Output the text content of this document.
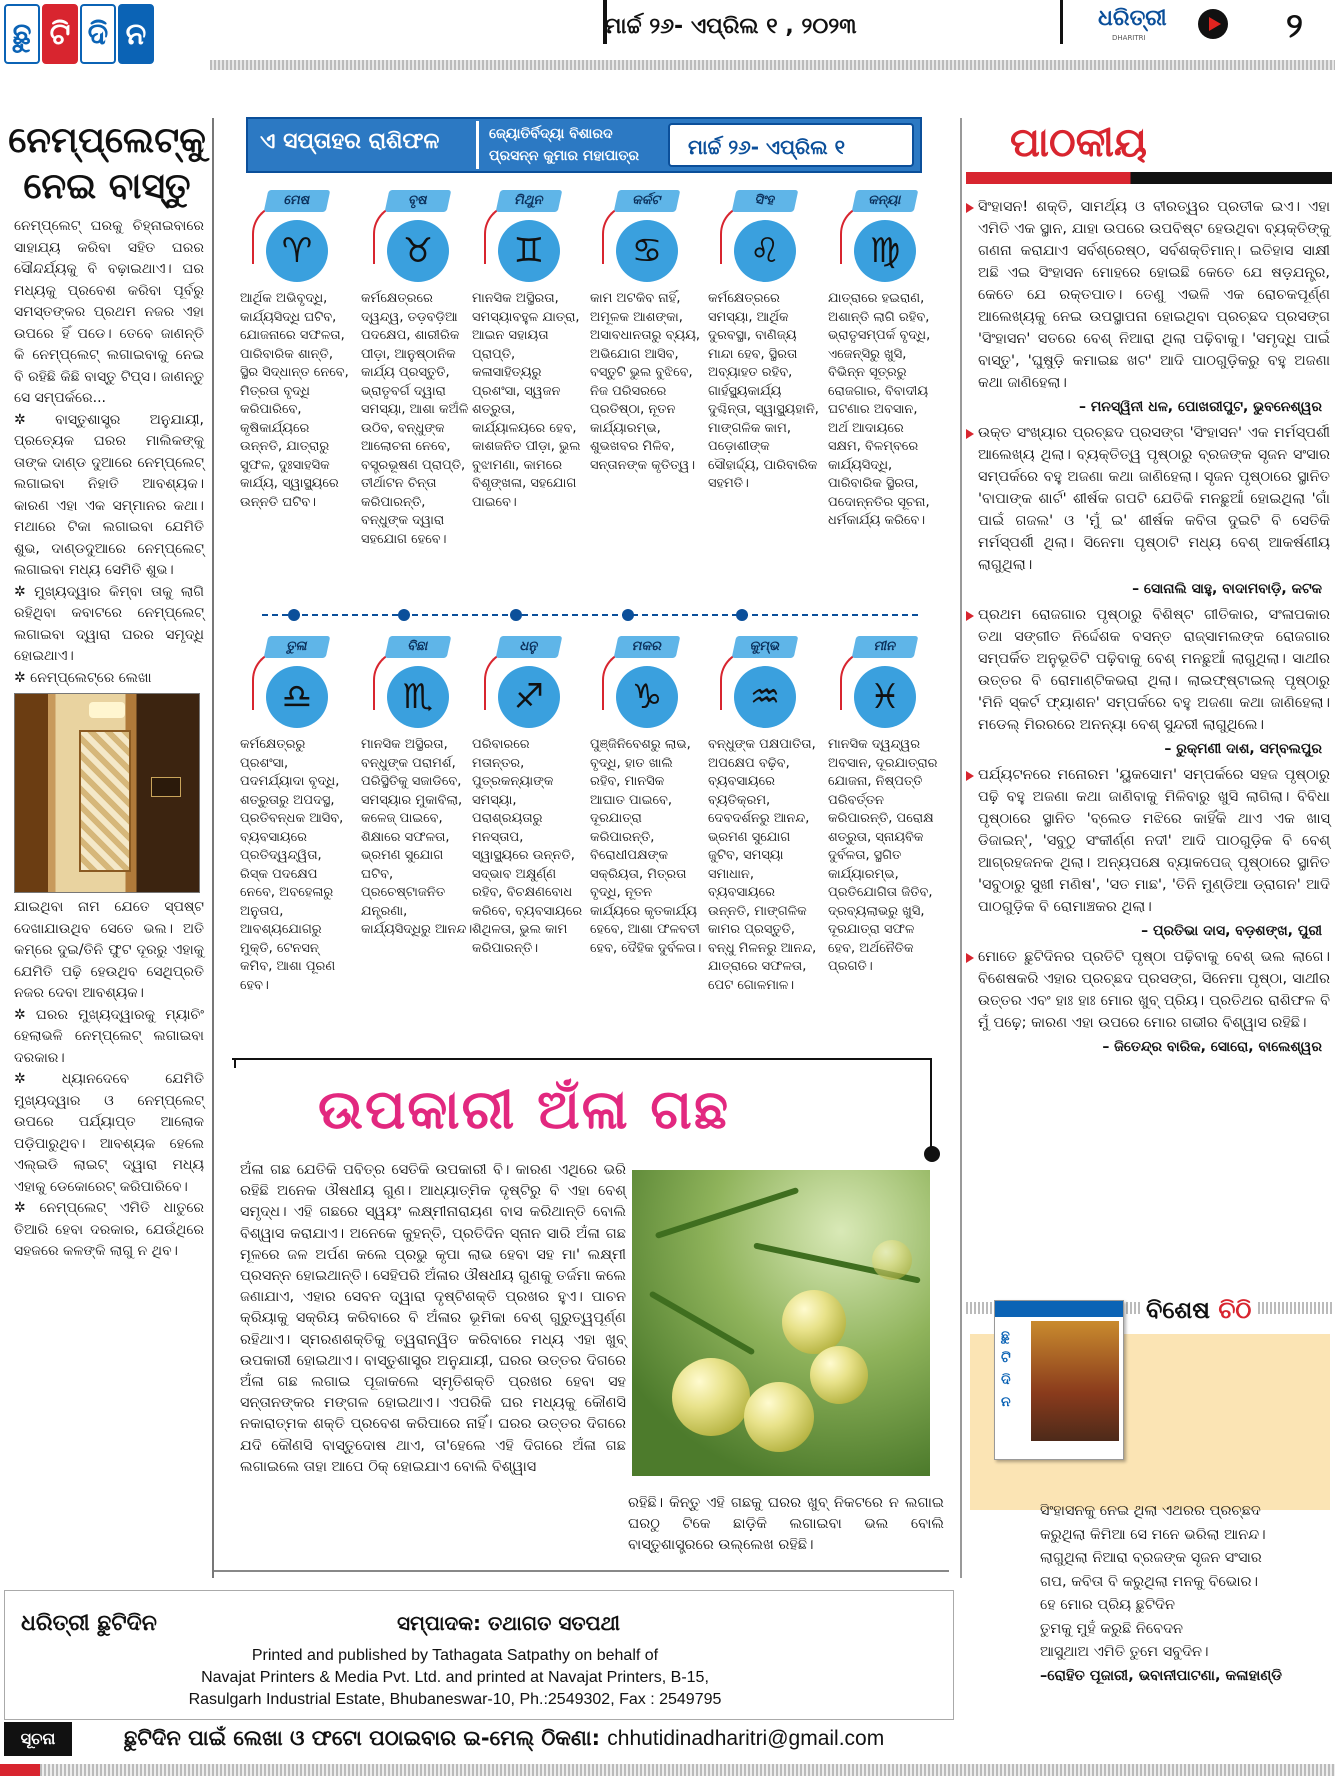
ଛୁ ଟି ଦି ନ	ମାର୍ଚ୍ଚ ୨୬- ଏପ୍ରିଲ ୧ , ୨୦୨୩	ଧରିତ୍ରୀ
DHARITRI	୨
ନେମ୍‌ପ୍ଲେଟ୍‌କୁ
ନେଇ ବାସ୍ତୁ
ନେମ୍‌ପ୍ଲେଟ୍ ଘରକୁ ଚିହ୍ନାଇବାରେ ସାହାଯ୍ୟ କରିବା ସହିତ ଘରର ସୌନ୍ଦର୍ଯ୍ୟକୁ ବି ବଢ଼ାଇଥାଏ। ଘର ମଧ୍ୟକୁ ପ୍ରବେଶ କରିବା ପୂର୍ବରୁ ସମସ୍ତଙ୍କର ପ୍ରଥମ ନଜର ଏହା ଉପରେ ହିଁ ପଡେ। ତେବେ ଜାଣନ୍ତି କି ନେମ୍‌ପ୍ଲେଟ୍ ଲଗାଇବାକୁ ନେଇ ବି ରହିଛି କିଛି ବାସ୍ତୁ ଟିପ୍ସ। ଜାଣନ୍ତୁ ସେ ସମ୍ପର୍କରେ...
✲ ବାସ୍ତୁଶାସ୍ତ୍ର ଅନୁଯାୟୀ, ପ୍ରତ୍ୟେକ ଘରର ମାଲିକଙ୍କୁ ତାଙ୍କ ଦାଣ୍ଡ ଦୁଆରେ ନେମ୍‌ପ୍ଲେଟ୍ ଲଗାଇବା ନିହାତି ଆବଶ୍ୟକ। କାରଣ ଏହା ଏକ ସମ୍ମାନର କଥା। ମଥାରେ ଟିକା ଲଗାଇବା ଯେମିତି ଶୁଭ, ଦାଣ୍ଡଦୁଆରେ ନେମ୍‌ପ୍ଲେଟ୍ ଲଗାଇବା ମଧ୍ୟ ସେମିତି ଶୁଭ।
✲ ମୁଖ୍ୟଦ୍ୱାର କିମ୍ବା ତାକୁ ଲାଗି ରହିଥିବା କବାଟରେ ନେମ୍‌ପ୍ଲେଟ୍ ଲଗାଇବା ଦ୍ୱାରା ଘରର ସମୃଦ୍ଧି ହୋଇଥାଏ।
✲ ନେମ୍‌ପ୍ଲେଟ୍‌ରେ ଲେଖା
ଯାଇଥିବା ନାମ ଯେତେ ସ୍ପଷ୍ଟ ଦେଖାଯାଉଥିବ ସେତେ ଭଲ। ଅତି କମ୍‌ରେ ଦୁଇ/ତିନି ଫୁଟ ଦୂରରୁ ଏହାକୁ ଯେମିତି ପଢ଼ି ହେଉଥିବ ସେଥିପ୍ରତି ନଜର ଦେବା ଆବଶ୍ୟକ।
✲ ଘରର ମୁଖ୍ୟଦ୍ୱାରକୁ ମ୍ୟାଚିଂ ହେଲାଭଳି ନେମ୍‌ପ୍ଲେଟ୍ ଲଗାଇବା ଦରକାର।
✲ ଧ୍ୟାନଦେବେ ଯେମିତି ମୁଖ୍ୟଦ୍ୱାର ଓ ନେମ୍‌ପ୍ଲେଟ୍ ଉପରେ ପର୍ଯ୍ୟାପ୍ତ ଆଲୋକ ପଡ଼ିପାରୁଥିବ। ଆବଶ୍ୟକ ହେଲେ ଏଲ୍‌ଇଡି ଲାଇଟ୍ ଦ୍ୱାରା ମଧ୍ୟ ଏହାକୁ ଡେକୋରେଟ୍ କରିପାରିବେ।
✲ ନେମ୍‌ପ୍ଲେଟ୍ ଏମିତି ଧାତୁରେ ତିଆରି ହେବା ଦରକାର, ଯେଉଁଥିରେ ସହଜରେ କଳଙ୍କି ଲାଗୁ ନ ଥିବ।
ଏ ସପ୍ତାହର ରାଶିଫଳ	ଜ୍ୟୋତିର୍ବିଦ୍ୟା ବିଶାରଦ
ପ୍ରସନ୍ନ କୁମାର ମହାପାତ୍ର ମାର୍ଚ୍ଚ ୨୬- ଏପ୍ରିଲ ୧
ମେଷ
♈
ଆର୍ଥିକ ଅଭିବୃଦ୍ଧି, କାର୍ଯ୍ୟସିଦ୍ଧି ଘଟିବ, ଯୋଜନାରେ ସଫଳତା, ପାରିବାରିକ ଶାନ୍ତି, ସ୍ଥିର ସିଦ୍ଧାନ୍ତ ନେବେ, ମିତ୍ରତା ବୃଦ୍ଧି କରିପାରିବେ, କୃଷିକାର୍ଯ୍ୟରେ ଉନ୍ନତି, ଯାତ୍ରାରୁ ସୁଫଳ, ଦୁଃସାହସିକ କାର୍ଯ୍ୟ, ସ୍ୱାସ୍ଥ୍ୟରେ ଉନ୍ନତି ଘଟିବ।
ବୃଷ
♉
କର୍ମକ୍ଷେତ୍ରରେ ଦ୍ୱନ୍ଦ୍ୱ, ତଡ଼ବଡ଼ିଆ ପଦକ୍ଷେପ, ଶାରୀରିକ ପୀଡ଼ା, ଆନୁଷ୍ଠାନିକ କାର୍ଯ୍ୟ ପ୍ରସ୍ତୁତି, ଭ୍ରାତୃବର୍ଗ ଦ୍ୱାରା ସମସ୍ୟା, ଆଶା କଅଁଳି ଉଠିବ, ବନ୍ଧୁଙ୍କ ଆଲୋଚନା ନେବେ, ବସ୍ତ୍ରଭୂଷଣ ପ୍ରାପ୍ତି, ତୀର୍ଥାଟନ ଚିନ୍ତା କରିପାରନ୍ତି, ବନ୍ଧୁଙ୍କ ଦ୍ୱାରା ସହଯୋଗ ହେବେ।
ମିଥୁନ
♊
ମାନସିକ ଅସ୍ଥିରତା, ସମସ୍ୟାବହୁଳ ଯାତ୍ରା, ଆଇନ ସହାୟତା ପ୍ରାପ୍ତି, କଳାସାହିତ୍ୟରୁ ପ୍ରଶଂସା, ସ୍ୱଜନ ଶତ୍ରୁତା, କାର୍ଯ୍ୟାଳୟରେ ହେବ, କାଶଜନିତ ପୀଡ଼ା, ଭୁଲ ବୁଝାମଣା, କାମରେ ବିଶୃଙ୍ଖଳା, ସହଯୋଗ ପାଇବେ।
କର୍କଟ
♋
କାମ ଅଟକିବ ନାହିଁ, ଅମୂଳକ ଆଶଙ୍କା, ଅସାବଧାନତାରୁ ବ୍ୟୟ, ଅଭିଯୋଗ ଆସିବ, ବସ୍ତୁଟି ଭୁଲ ବୁଝିବେ, ନିଜ ପରିସରରେ ପ୍ରତିଷ୍ଠା, ନୂତନ କାର୍ଯ୍ୟାରମ୍ଭ, ଶୁଭଖବର ମିଳିବ, ସନ୍ତାନଙ୍କ କୃତିତ୍ୱ।
ସିଂହ
♌
କର୍ମକ୍ଷେତ୍ରରେ ସମସ୍ୟା, ଆର୍ଥିକ ଦୁରବସ୍ଥା, ବାଣିଜ୍ୟ ମାନ୍ଦା ହେବ, ସ୍ଥିରତା ଅବ୍ୟାହତ ରହିବ, ଗାର୍ହସ୍ଥ୍ୟକାର୍ଯ୍ୟ ଦୁଶ୍ଚିନ୍ତା, ସ୍ୱାସ୍ଥ୍ୟହାନି, ମାଙ୍ଗଳିକ କାମ, ପଡ଼ୋଶୀଙ୍କ ସୌହାର୍ଦ୍ଦ୍ୟ, ପାରିବାରିକ ସହମତି।
କନ୍ୟା
♍
ଯାତ୍ରାରେ ହଇରାଣ, ଅଶାନ୍ତି ଲାଗି ରହିବ, ଭ୍ରାତୃସମ୍ପର୍କ ବୃଦ୍ଧି, ଏଜେନ୍ସିରୁ ଖୁସି, ବିଭିନ୍ନ ସୂତ୍ରରୁ ରୋଜଗାର, ବିବାଦୀୟ ଘଟଣାର ଅବସାନ, ଅର୍ଥ ଆଦାୟରେ ସକ୍ଷମ, ବିଳମ୍ବରେ କାର୍ଯ୍ୟସିଦ୍ଧି, ପାରିବାରିକ ସ୍ଥିରତା, ପଦୋନ୍ନତିର ସୂଚନା, ଧର୍ମକାର୍ଯ୍ୟ କରିବେ।
ତୁଳା
♎
କର୍ମକ୍ଷେତ୍ରରୁ ପ୍ରଶଂସା, ପଦମର୍ଯ୍ୟାଦା ବୃଦ୍ଧି, ଶତ୍ରୁତାରୁ ଅପଦସ୍ଥ, ପ୍ରତିବନ୍ଧକ ଆସିବ, ବ୍ୟବସାୟରେ ପ୍ରତିଦ୍ୱନ୍ଦ୍ୱିତା, ରିସ୍କ ପଦକ୍ଷେପ ନେବେ, ଅବହେଳାରୁ ଅନୁତାପ, ଆବଶ୍ୟଯୋଗରୁ ମୁକ୍ତି, ଟେନସନ୍ କମିବ, ଆଶା ପୂରଣ ହେବ।
ବିଛା
♏
ମାନସିକ ଅସ୍ଥିରତା, ବନ୍ଧୁଙ୍କ ପରାମର୍ଶ, ପରିସ୍ଥିତିକୁ ସଜାଡିବେ, ସମସ୍ୟାର ମୁକାବିଲା, କଳେଜ୍ ପାଇବେ, ଶିକ୍ଷାରେ ସଫଳତା, ଭ୍ରମଣ ସୁଯୋଗ ଘଟିବ, ପ୍ରଚେଷ୍ଟାଜନିତ ଯନ୍ତ୍ରଣା, କାର୍ଯ୍ୟସିଦ୍ଧିରୁ ଆନନ୍ଦ।
ଧନୁ
♐
ପରିବାରରେ ମତାନ୍ତର, ପୁତ୍ରକନ୍ୟାଙ୍କ ସମସ୍ୟା, ପରାଶ୍ରୟତାରୁ ମନସ୍ତାପ, ସ୍ୱାସ୍ଥ୍ୟରେ ଉନ୍ନତି, ସଦ୍ଭାବ ଅକ୍ଷୁର୍ଣ୍ଣ ରହିବ, ବିଚକ୍ଷଣବୋଧ କରିବେ, ବ୍ୟବସାୟରେ ଶିଥିଳତା, ଭୁଲ କାମ କରିପାରନ୍ତି।
ମକର
♑
ପୁଞ୍ଜିନିବେଶରୁ ଲାଭ, ବୃଦ୍ଧି, ହାତ ଖାଲି ରହିବ, ମାନସିକ ଆଘାତ ପାଇବେ, ଦୂରଯାତ୍ରା କରିପାରନ୍ତି, ବିରୋଧୀପକ୍ଷଙ୍କ ସକ୍ରିୟତା, ମିତ୍ରତା ବୃଦ୍ଧି, ନୂତନ କାର୍ଯ୍ୟରେ କୃତକାର୍ଯ୍ୟ ହେବେ, ଆଶା ଫଳବତୀ ହେବ, ଦୈହିକ ଦୁର୍ବଳତା।
କୁମ୍ଭ
♒
ବନ୍ଧୁଙ୍କ ପକ୍ଷପାତିତା, ଅପକ୍ଷେପ ବଢ଼ିବ, ବ୍ୟବସାୟରେ ବ୍ୟତିକ୍ରମ, ଦେବଦର୍ଶନରୁ ଆନନ୍ଦ, ଭ୍ରମଣ ସୁଯୋଗ ଜୁଟିବ, ସମସ୍ୟା ସମାଧାନ, ବ୍ୟବସାୟରେ ଉନ୍ନତି, ମାଙ୍ଗଳିକ କାମର ପ୍ରସ୍ତୁତି, ବନ୍ଧୁ ମିଳନରୁ ଆନନ୍ଦ, ଯାତ୍ରାରେ ସଫଳତା, ପେଟ ଗୋଳମାଳ।
ମୀନ
♓
ମାନସିକ ଦ୍ୱନ୍ଦ୍ୱର ଅବସାନ, ଦୂରଯାତ୍ରାର ଯୋଜନା, ନିଷ୍ପତ୍ତି ପରିବର୍ତ୍ତନ କରିପାରନ୍ତି, ପରୋକ୍ଷ ଶତ୍ରୁତା, ସ୍ନାୟବିକ ଦୁର୍ବଳତା, ସ୍ଥଗିତ କାର୍ଯ୍ୟାରମ୍ଭ, ପ୍ରତିଯୋଗିତା ଜିତିବ, ଦ୍ରବ୍ୟଲାଭରୁ ଖୁସି, ଦୂରଯାତ୍ରା ସଫଳ ହେବ, ଅର୍ଥନୈତିକ ପ୍ରଗତି।
ଉପକାରୀ ଅଁଳା ଗଛ
ଅଁଳା ଗଛ ଯେତିକି ପବିତ୍ର ସେତିକି ଉପକାରୀ ବି। କାରଣ ଏଥିରେ ଭରି ରହିଛି ଅନେକ ଔଷଧୀୟ ଗୁଣ। ଆଧ୍ୟାତ୍ମିକ ଦୃଷ୍ଟିରୁ ବି ଏହା ବେଶ୍ ସମୃଦ୍ଧ। ଏହି ଗଛରେ ସ୍ୱୟଂ ଲକ୍ଷ୍ମୀନାରାୟଣ ବାସ କରିଥାନ୍ତି ବୋଲି ବିଶ୍ୱାସ କରାଯାଏ। ଅନେକେ କୁହନ୍ତି, ପ୍ରତିଦିନ ସ୍ନାନ ସାରି ଅଁଳା ଗଛ ମୂଳରେ ଜଳ ଅର୍ପଣ କଲେ ପ୍ରଭୁ କୃପା ଲାଭ ହେବା ସହ ମା' ଲକ୍ଷ୍ମୀ ପ୍ରସନ୍ନ ହୋଇଥାନ୍ତି। ସେହିପରି ଅଁଳାର ଔଷଧୀୟ ଗୁଣକୁ ତର୍ଜମା କଲେ ଜଣାଯାଏ, ଏହାର ସେବନ ଦ୍ୱାରା ଦୃଷ୍ଟିଶକ୍ତି ପ୍ରଖର ହୁଏ। ପାଚନ କ୍ରିୟାକୁ ସକ୍ରିୟ କରିବାରେ ବି ଅଁଳାର ଭୂମିକା ବେଶ୍ ଗୁରୁତ୍ୱପୂର୍ଣ୍ଣ ରହିଥାଏ। ସ୍ମରଣଶକ୍ତିକୁ ତ୍ୱରାନ୍ୱିତ କରିବାରେ ମଧ୍ୟ ଏହା ଖୁବ୍ ଉପକାରୀ ହୋଇଥାଏ। ବାସ୍ତୁଶାସ୍ତ୍ର ଅନୁଯାୟୀ, ଘରର ଉତ୍ତର ଦିଗରେ ଅଁଳା ଗଛ ଲଗାଇ ପୂଜାକଲେ ସ୍ମୃତିଶକ୍ତି ପ୍ରଖର ହେବା ସହ ସନ୍ତାନଙ୍କର ମଙ୍ଗଳ ହୋଇଥାଏ। ଏପରିକି ଘର ମଧ୍ୟକୁ କୌଣସି ନକାରାତ୍ମକ ଶକ୍ତି ପ୍ରବେଶ କରିପାରେ ନାହିଁ। ଘରର ଉତ୍ତର ଦିଗରେ ଯଦି କୌଣସି ବାସ୍ତୁଦୋଷ ଥାଏ, ତା'ହେଲେ ଏହି ଦିଗରେ ଅଁଳା ଗଛ ଲଗାଇଲେ ତାହା ଆପେ ଠିକ୍ ହୋଇଯାଏ ବୋଲି ବିଶ୍ୱାସ
ରହିଛି। କିନ୍ତୁ ଏହି ଗଛକୁ ଘରର ଖୁବ୍ ନିକଟରେ ନ ଲଗାଇ ଘରଠୁ ଟିକେ ଛାଡ଼ିକି ଲଗାଇବା ଭଲ ବୋଲି ବାସ୍ତୁଶାସ୍ତ୍ରରେ ଉଲ୍ଲେଖ ରହିଛି।
ପାଠକୀୟ
ସିଂହାସନ! ଶକ୍ତି, ସାମର୍ଥ୍ୟ ଓ ବୀରତ୍ୱର ପ୍ରତୀକ ଇଏ। ଏହା ଏମିତି ଏକ ସ୍ଥାନ, ଯାହା ଉପରେ ଉପବିଷ୍ଟ ହେଉଥିବା ବ୍ୟକ୍ତିଙ୍କୁ ଗଣନା କରାଯାଏ ସର୍ବଶ୍ରେଷ୍ଠ, ସର୍ବଶକ୍ତିମାନ୍। ଇତିହାସ ସାକ୍ଷୀ ଅଛି ଏଇ ସିଂହାସନ ମୋହରେ ହୋଇଛି କେତେ ଯେ ଷଡ଼ଯନ୍ତ୍ର, କେତେ ଯେ ରକ୍ତପାତ। ତେଣୁ ଏଭଳି ଏକ ରୋଚକପୂର୍ଣ୍ଣ ଆଲେଖ୍ୟକୁ ନେଇ ଉପସ୍ଥାପନା ହୋଇଥିବା ପ୍ରଚ୍ଛଦ ପ୍ରସଙ୍ଗ 'ସିଂହାସନ' ସତରେ ବେଶ୍ ନିଆରା ଥିଲା ପଢ଼ିବାକୁ। 'ସମୃଦ୍ଧି ପାଇଁ ବାସ୍ତୁ', 'ଘୁଷୁଡ଼ି କମାଇଛ ଖଟ' ଆଦି ପାଠଗୁଡ଼ିକରୁ ବହୁ ଅଜଣା କଥା ଜାଣିହେଲା।
– ମନସ୍ୱିନୀ ଧଳ, ପୋଖରୀପୁଟ, ଭୁବନେଶ୍ୱର
ଉକ୍ତ ସଂଖ୍ୟାର ପ୍ରଚ୍ଛଦ ପ୍ରସଙ୍ଗ 'ସିଂହାସନ' ଏକ ମର୍ମସ୍ପର୍ଶୀ ଆଲେଖ୍ୟ ଥିଲା। ବ୍ୟକ୍ତିତ୍ୱ ପୃଷ୍ଠାରୁ ବ୍ରଜଙ୍କ ସୃଜନ ସଂସାର ସମ୍ପର୍କରେ ବହୁ ଅଜଣା କଥା ଜାଣିହେଲା। ସୃଜନ ପୃଷ୍ଠାରେ ସ୍ଥାନିତ 'ବାପାଙ୍କ ଶାର୍ଟ' ଶୀର୍ଷକ ଗପଟି ଯେତିକି ମନଛୁଆଁ ହୋଇଥିଲା 'ଗାଁ ପାଇଁ ଗଜଲ' ଓ 'ମୁଁ ଇ' ଶୀର୍ଷକ କବିତା ଦୁଇଟି ବି ସେତିକି ମର୍ମସ୍ପର୍ଶୀ ଥିଲା। ସିନେମା ପୃଷ୍ଠାଟି ମଧ୍ୟ ବେଶ୍ ଆକର୍ଷଣୀୟ ଲାଗୁଥିଲା।
– ସୋନାଲି ସାହୁ, ବାଦାମବାଡ଼ି, କଟକ
ପ୍ରଥମ ରୋଜଗାର ପୃଷ୍ଠାରୁ ବିଶିଷ୍ଟ ଗୀତିକାର, ସଂଳାପକାର ତଥା ସଙ୍ଗୀତ ନିର୍ଦ୍ଦେଶକ ବସନ୍ତ ରାଜ୍‌ସାମଲଙ୍କ ରୋଜଗାର ସମ୍ପର୍କିତ ଅନୁଭୂତିଟି ପଢ଼ିବାକୁ ବେଶ୍ ମନଛୁଆଁ ଲାଗୁଥିଲା। ସାଥୀର ଉତ୍ତର ବି ରୋମାଣ୍ଟିକଭରା ଥିଲା। ଲାଇଫ୍‌ଷ୍ଟାଇଲ୍ ପୃଷ୍ଠାରୁ 'ମିନି ସ୍କର୍ଟ ଫ୍ୟାଶନ' ସମ୍ପର୍କରେ ବହୁ ଅଜଣା କଥା ଜାଣିହେଲା। ମଡେଲ୍ ମିରରରେ ଅନନ୍ୟା ବେଶ୍ ସୁନ୍ଦରୀ ଲାଗୁଥିଲେ।
– ରୁକ୍ମଣୀ ଦାଶ, ସମ୍ବଲପୁର
ପର୍ଯ୍ୟଟନରେ ମନୋରମ 'ୟୁକସୋମ' ସମ୍ପର୍କରେ ସହଜ ପୃଷ୍ଠାରୁ ପଢ଼ି ବହୁ ଅଜଣା କଥା ଜାଣିବାକୁ ମିଳିବାରୁ ଖୁସି ଲାଗିଲା। ବିବିଧା ପୃଷ୍ଠାରେ ସ୍ଥାନିତ 'ବ୍ଲେଡ ମଝିରେ କାହିଁକି ଥାଏ ଏକ ଖାସ୍ ଡିଜାଇନ୍', 'ସବୁଠୁ ସଂକୀର୍ଣ୍ଣ ନଦୀ' ଆଦି ପାଠଗୁଡ଼ିକ ବି ବେଶ୍ ଆଗ୍ରହଜନକ ଥିଲା। ଅନ୍ୟପକ୍ଷେ ବ୍ୟାକପେଜ୍ ପୃଷ୍ଠାରେ ସ୍ଥାନିତ 'ସବୁଠାରୁ ସୁଖୀ ମଣିଷ', 'ସତ ମାଛ', 'ତିନି ମୁଣ୍ଡିଆ ଡ୍ରାଗନ' ଆଦି ପାଠଗୁଡ଼ିକ ବି ରୋମାଞ୍ଚକର ଥିଲା।
– ପ୍ରତିଭା ଦାସ, ବଡ଼ଶଙ୍ଖ, ପୁରୀ
ମୋତେ ଛୁଟିଦିନର ପ୍ରତିଟି ପୃଷ୍ଠା ପଢ଼ିବାକୁ ବେଶ୍ ଭଲ ଲାଗେ। ବିଶେଷକରି ଏହାର ପ୍ରଚ୍ଛଦ ପ୍ରସଙ୍ଗ, ସିନେମା ପୃଷ୍ଠା, ସାଥୀର ଉତ୍ତର ଏବଂ ହାଃ ହାଃ ମୋର ଖୁବ୍ ପ୍ରିୟ। ପ୍ରତିଥର ରାଶିଫଳ ବି ମୁଁ ପଢ଼େ; କାରଣ ଏହା ଉପରେ ମୋର ଗଭୀର ବିଶ୍ୱାସ ରହିଛି।
– ଜିତେନ୍ଦ୍ର ବାରିକ, ସୋରୋ, ବାଲେଶ୍ୱର
ବିଶେଷ ଚିଠି
ଛୁ
ଟି
ଦି
ନ
ସିଂହାସନକୁ ନେଇ ଥିଲା ଏଥରର ପ୍ରଚ୍ଛଦ
କରୁଥିଲା କିମିଆ ସେ ମନେ ଭରିଲା ଆନନ୍ଦ।
ଲାଗୁଥିଲା ନିଆରା ବ୍ରଜଙ୍କ ସୃଜନ ସଂସାର
ଗପ, କବିତା ବି କରୁଥିଲା ମନକୁ ବିଭୋର।
ହେ ମୋର ପ୍ରିୟ ଛୁଟିଦିନ
ତୁମକୁ ମୁହଁ କରୁଛି ନିବେଦନ
ଆସୁଥାଅ ଏମିତି ତୁମେ ସବୁଦିନ।
–ରୋହିତ ପୂଜାରୀ, ଭବାନୀପାଟଣା, କଳାହାଣ୍ଡି
ଧରିତ୍ରୀ ଛୁଟିଦିନ	ସମ୍ପାଦକ: ତଥାଗତ ସତପଥୀ
Printed and published by Tathagata Satpathy on behalf of
Navajat Printers & Media Pvt. Ltd. and printed at Navajat Printers, B-15,
Rasulgarh Industrial Estate, Bhubaneswar-10, Ph.:2549302, Fax : 2549795
ସୂଚନା	ଛୁଟିଦିନ ପାଇଁ ଲେଖା ଓ ଫଟୋ ପଠାଇବାର ଇ-ମେଲ୍ ଠିକଣା: chhutidinadharitri@gmail.com
